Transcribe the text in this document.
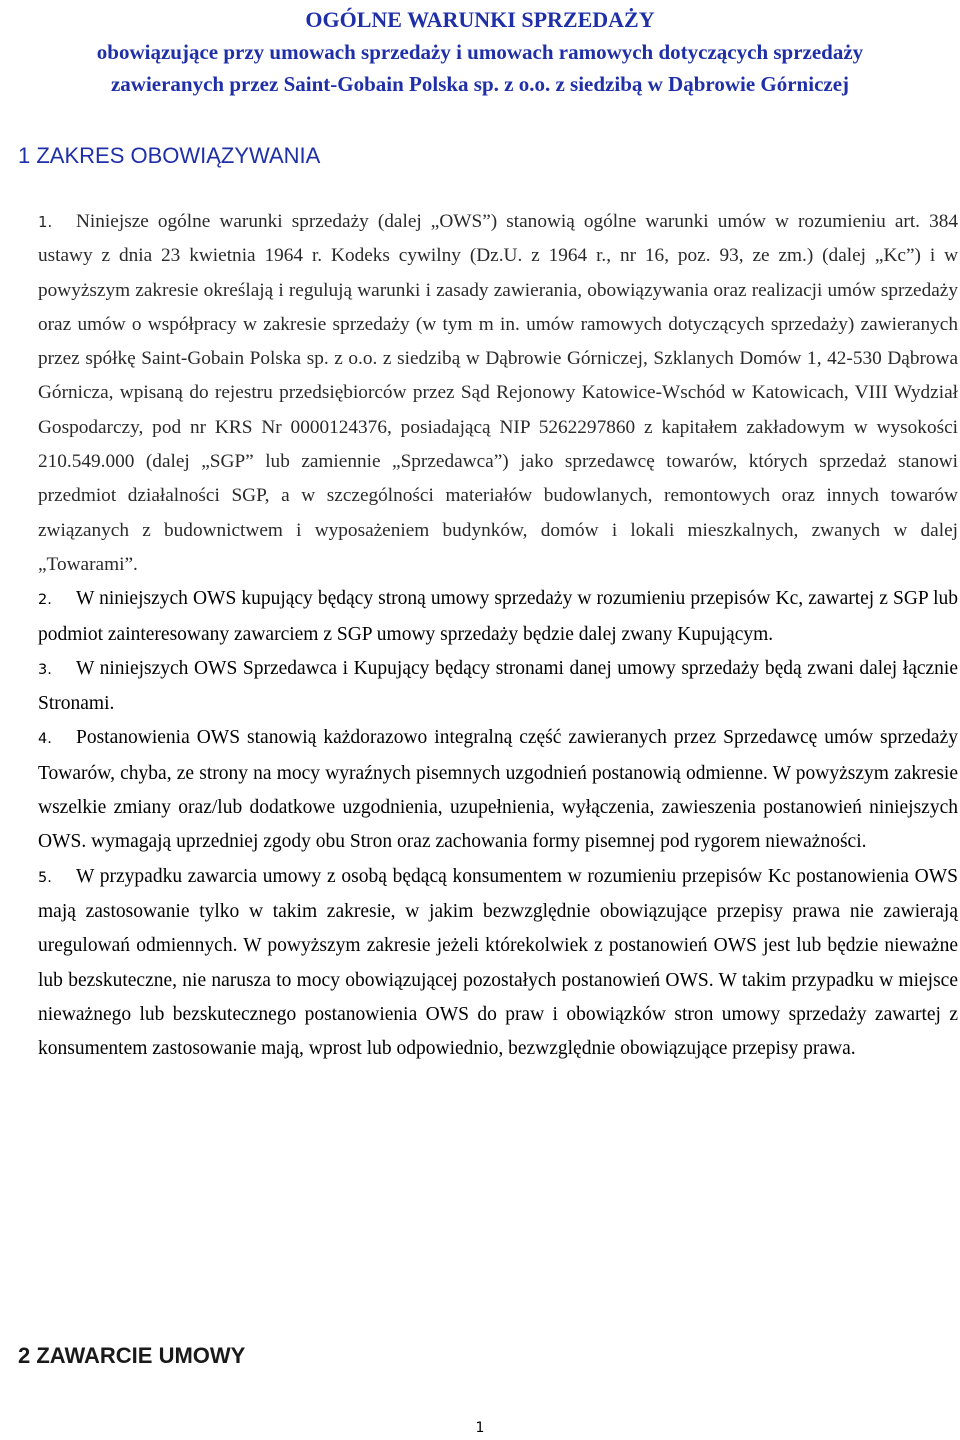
OGÓLNE WARUNKI SPRZEDAŻY
obowiązujące przy umowach sprzedaży i umowach ramowych dotyczących sprzedaży
zawieranych przez Saint-Gobain Polska sp. z o.o. z siedzibą w Dąbrowie Górniczej
1 ZAKRES OBOWIĄZYWANIA
1. Niniejsze ogólne warunki sprzedaży (dalej „OWS”) stanowią ogólne warunki umów w rozumieniu art. 384 ustawy z dnia 23 kwietnia 1964 r. Kodeks cywilny (Dz.U. z 1964 r., nr 16, poz. 93, ze zm.) (dalej „Kc”) i w powyższym zakresie określają i regulują warunki i zasady zawierania, obowiązywania oraz realizacji umów sprzedaży oraz umów o współpracy w zakresie sprzedaży (w tym m in. umów ramowych dotyczących sprzedaży) zawieranych przez spółkę Saint-Gobain Polska sp. z o.o. z siedzibą w Dąbrowie Górniczej, Szklanych Domów 1, 42-530 Dąbrowa Górnicza, wpisaną do rejestru przedsiębiorców przez Sąd Rejonowy Katowice-Wschód w Katowicach, VIII Wydział Gospodarczy, pod nr KRS Nr 0000124376, posiadającą NIP 5262297860 z kapitałem zakładowym w wysokości 210.549.000 (dalej „SGP” lub zamiennie „Sprzedawca”) jako sprzedawcę towarów, których sprzedaż stanowi przedmiot działalności SGP, a w szczególności materiałów budowlanych, remontowych oraz innych towarów związanych z budownictwem i wyposażeniem budynków, domów i lokali mieszkalnych, zwanych w dalej „Towarami”.
2. W niniejszych OWS kupujący będący stroną umowy sprzedaży w rozumieniu przepisów Kc, zawartej z SGP lub podmiot zainteresowany zawarciem z SGP umowy sprzedaży będzie dalej zwany Kupującym.
3. W niniejszych OWS Sprzedawca i Kupujący będący stronami danej umowy sprzedaży będą zwani dalej łącznie Stronami.
4. Postanowienia OWS stanowią każdorazowo integralną część zawieranych przez Sprzedawcę umów sprzedaży Towarów, chyba, ze strony na mocy wyraźnych pisemnych uzgodnień postanowią odmienne. W powyższym zakresie wszelkie zmiany oraz/lub dodatkowe uzgodnienia, uzupełnienia, wyłączenia, zawieszenia postanowień niniejszych OWS. wymagają uprzedniej zgody obu Stron oraz zachowania formy pisemnej pod rygorem nieważności.
5. W przypadku zawarcia umowy z osobą będącą konsumentem w rozumieniu przepisów Kc postanowienia OWS mają zastosowanie tylko w takim zakresie, w jakim bezwzględnie obowiązujące przepisy prawa nie zawierają uregulowań odmiennych. W powyższym zakresie jeżeli którekolwiek z postanowień OWS jest lub będzie nieważne lub bezskuteczne, nie narusza to mocy obowiązującej pozostałych postanowień OWS. W takim przypadku w miejsce nieważnego lub bezskutecznego postanowienia OWS do praw i obowiązków stron umowy sprzedaży zawartej z konsumentem zastosowanie mają, wprost lub odpowiednio, bezwzględnie obowiązujące przepisy prawa.
2 ZAWARCIE UMOWY
1
